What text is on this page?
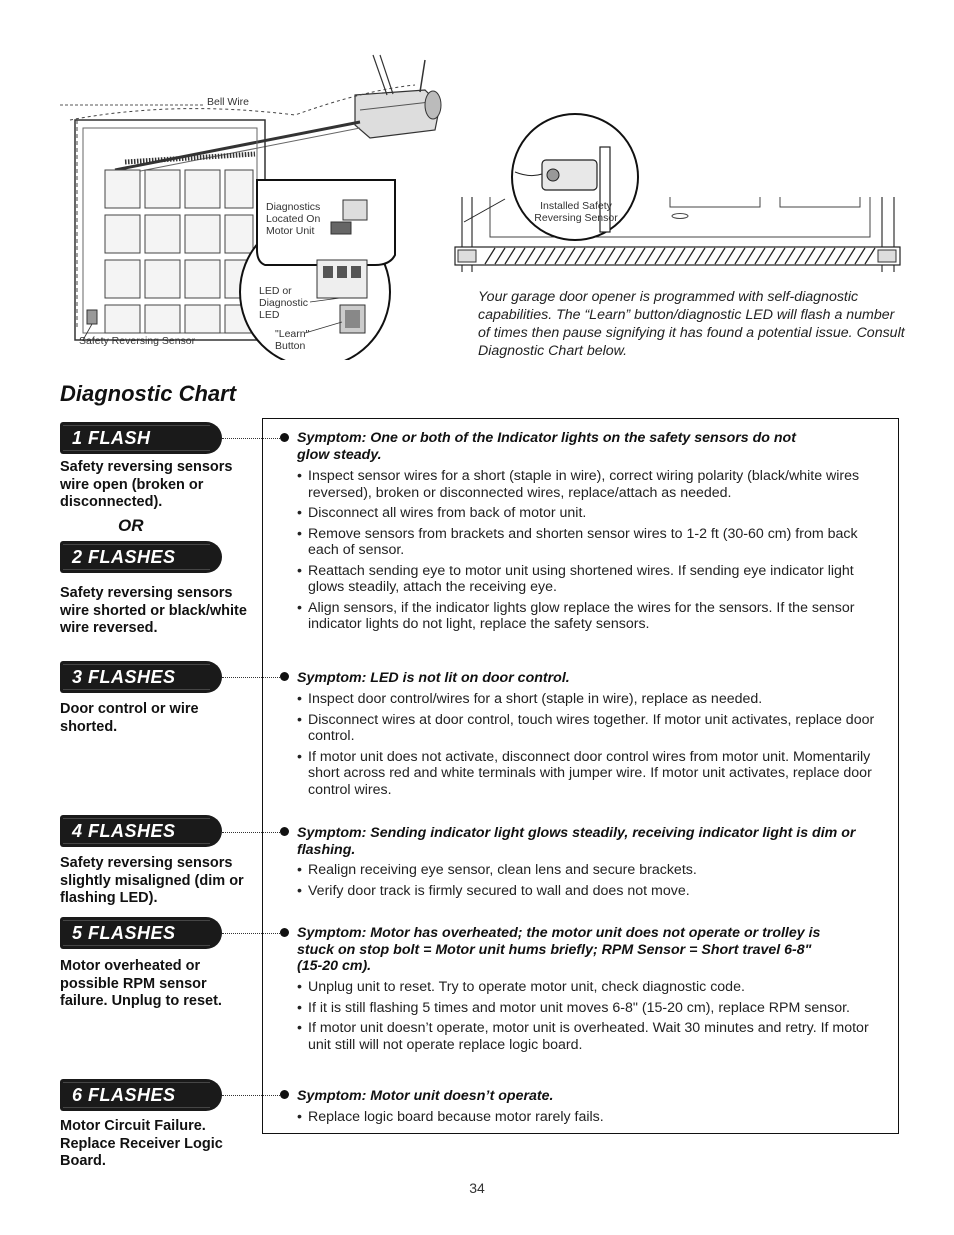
Bell Wire
Safety Reversing Sensor
Diagnostics Located On Motor Unit
LED or Diagnostic LED
"Learn" Button
Installed Safety Reversing Sensor

Your garage door opener is programmed with self-diagnostic capabilities. The “Learn” button/diagnostic LED will flash a number of times then pause signifying it has found a potential issue. Consult Diagnostic Chart below.

Diagnostic Chart
1 FLASH
Safety reversing sensors wire open (broken or disconnected).
OR
2 FLASHES
Safety reversing sensors wire shorted or black/white wire reversed.
3 FLASHES
Door control or wire shorted.
4 FLASHES
Safety reversing sensors slightly misaligned (dim or flashing LED).
5 FLASHES
Motor overheated or possible RPM sensor failure. Unplug to reset.
6 FLASHES
Motor Circuit Failure. Replace Receiver Logic Board.
Symptom: One or both of the Indicator lights on the safety sensors do not glow steady.
• Inspect sensor wires for a short (staple in wire), correct wiring polarity (black/white wires reversed), broken or disconnected wires, replace/attach as needed.
• Disconnect all wires from back of motor unit.
• Remove sensors from brackets and shorten sensor wires to 1-2 ft (30-60 cm) from back each of sensor.
• Reattach sending eye to motor unit using shortened wires. If sending eye indicator light glows steadily, attach the receiving eye.
• Align sensors, if the indicator lights glow replace the wires for the sensors. If the sensor indicator lights do not light, replace the safety sensors.
Symptom: LED is not lit on door control.
• Inspect door control/wires for a short (staple in wire), replace as needed.
• Disconnect wires at door control, touch wires together. If motor unit activates, replace door control.
• If motor unit does not activate, disconnect door control wires from motor unit. Momentarily short across red and white terminals with jumper wire. If motor unit activates, replace door control wires.
Symptom: Sending indicator light glows steadily, receiving indicator light is dim or flashing.
• Realign receiving eye sensor, clean lens and secure brackets.
• Verify door track is firmly secured to wall and does not move.
Symptom: Motor has overheated; the motor unit does not operate or trolley is stuck on stop bolt = Motor unit hums briefly; RPM Sensor = Short travel 6-8" (15-20 cm).
• Unplug unit to reset. Try to operate motor unit, check diagnostic code.
• If it is still flashing 5 times and motor unit moves 6-8" (15-20 cm), replace RPM sensor.
• If motor unit doesn’t operate, motor unit is overheated. Wait 30 minutes and retry. If motor unit still will not operate replace logic board.
Symptom: Motor unit doesn’t operate.
• Replace logic board because motor rarely fails.
34
